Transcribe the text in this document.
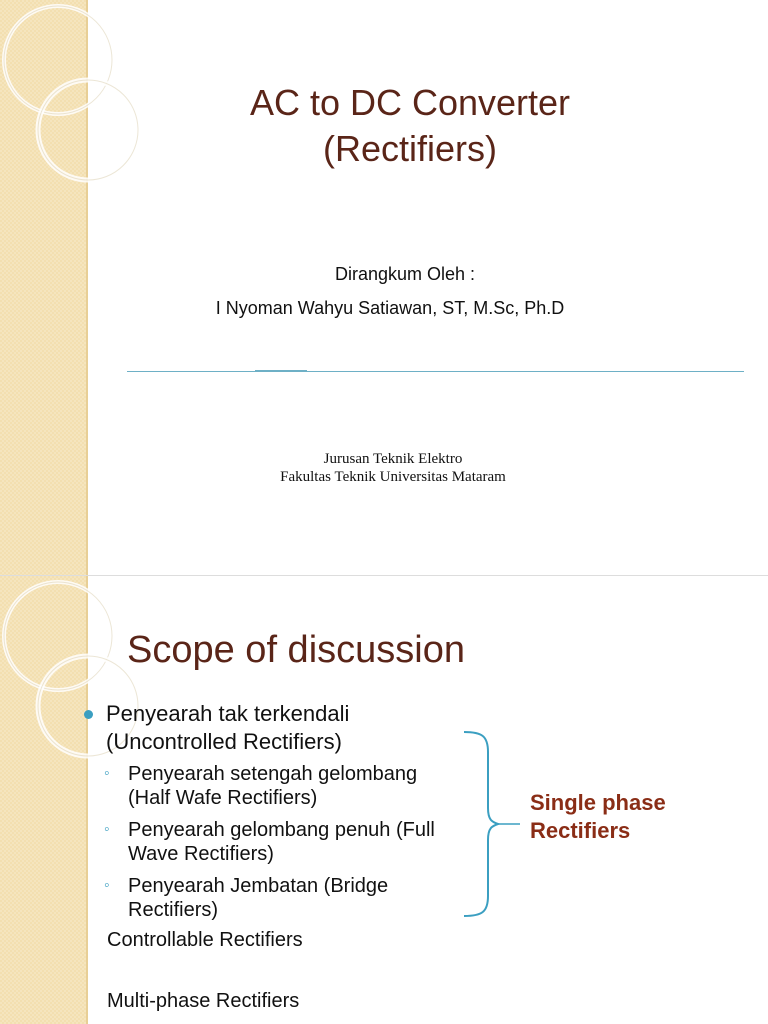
AC to DC Converter
(Rectifiers)
Dirangkum Oleh :
I Nyoman Wahyu Satiawan, ST, M.Sc, Ph.D
Jurusan Teknik Elektro
Fakultas Teknik Universitas Mataram
Scope of discussion
Penyearah tak terkendali
(Uncontrolled Rectifiers)
◦ Penyearah setengah gelombang
(Half Wafe Rectifiers)
◦ Penyearah gelombang penuh (Full
Wave Rectifiers)
◦ Penyearah Jembatan (Bridge
Rectifiers)
Controllable Rectifiers
Multi-phase Rectifiers
Single phase
Rectifiers
